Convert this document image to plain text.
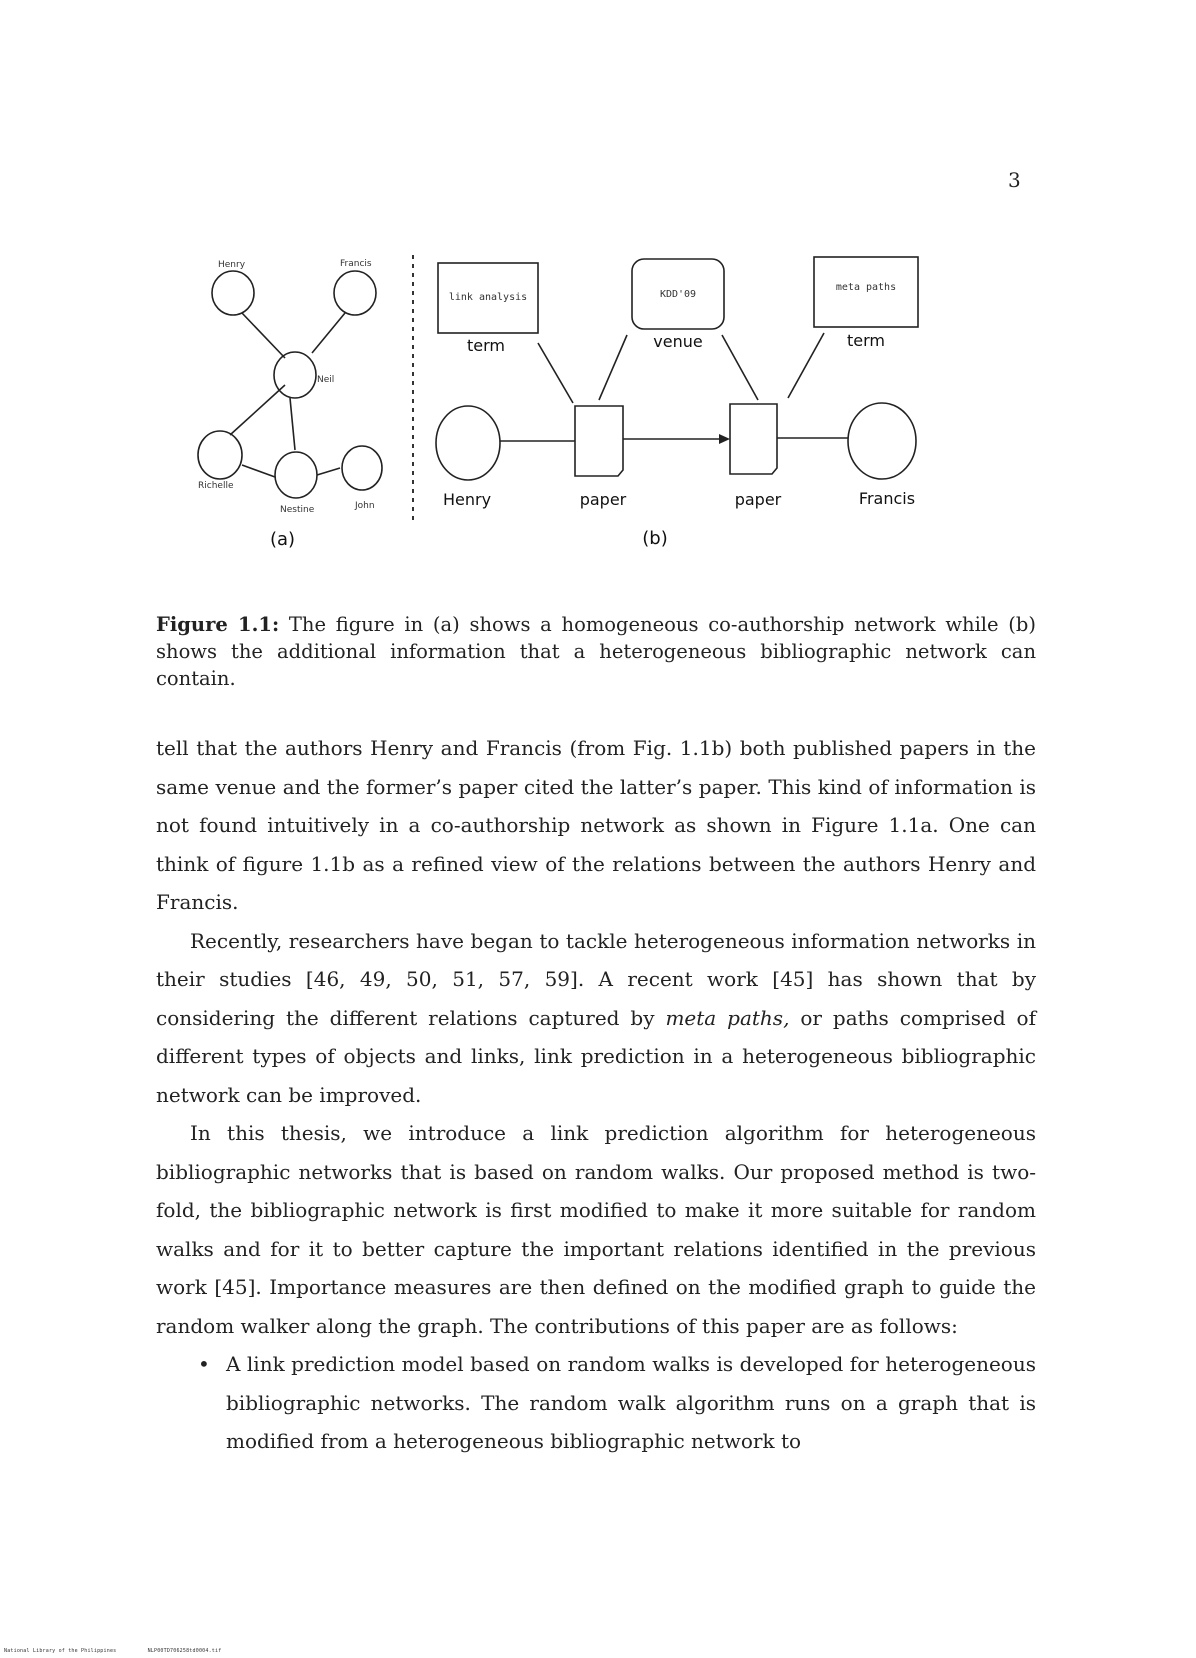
3
Henry	Francis
Neil
Richelle
Nestine	John
(a)
link analysis	KDD'09
meta paths
term	venue	term
Henry	paper	paper	Francis
(b)
Figure 1.1: The figure in (a) shows a homogeneous co-authorship network while (b) shows the additional information that a heterogeneous bibliographic network can contain.

tell that the authors Henry and Francis (from Fig. 1.1b) both published papers in the same venue and the former’s paper cited the latter’s paper. This kind of information is not found intuitively in a co-authorship network as shown in Figure 1.1a. One can think of figure 1.1b as a refined view of the relations between the authors Henry and Francis.

Recently, researchers have began to tackle heterogeneous information networks in their studies [46, 49, 50, 51, 57, 59]. A recent work [45] has shown that by considering the different relations captured by meta paths, or paths comprised of different types of objects and links, link prediction in a heterogeneous bibliographic network can be improved.

In this thesis, we introduce a link prediction algorithm for heterogeneous bibliographic networks that is based on random walks. Our proposed method is two-fold, the bibliographic network is first modified to make it more suitable for random walks and for it to better capture the important relations identified in the previous work [45]. Importance measures are then defined on the modified graph to guide the random walker along the graph. The contributions of this paper are as follows:

• A link prediction model based on random walks is developed for heterogeneous bibliographic networks. The random walk algorithm runs on a graph that is modified from a heterogeneous bibliographic network to
National Library of the Philippines	NLP00TD706258td0004.tif
